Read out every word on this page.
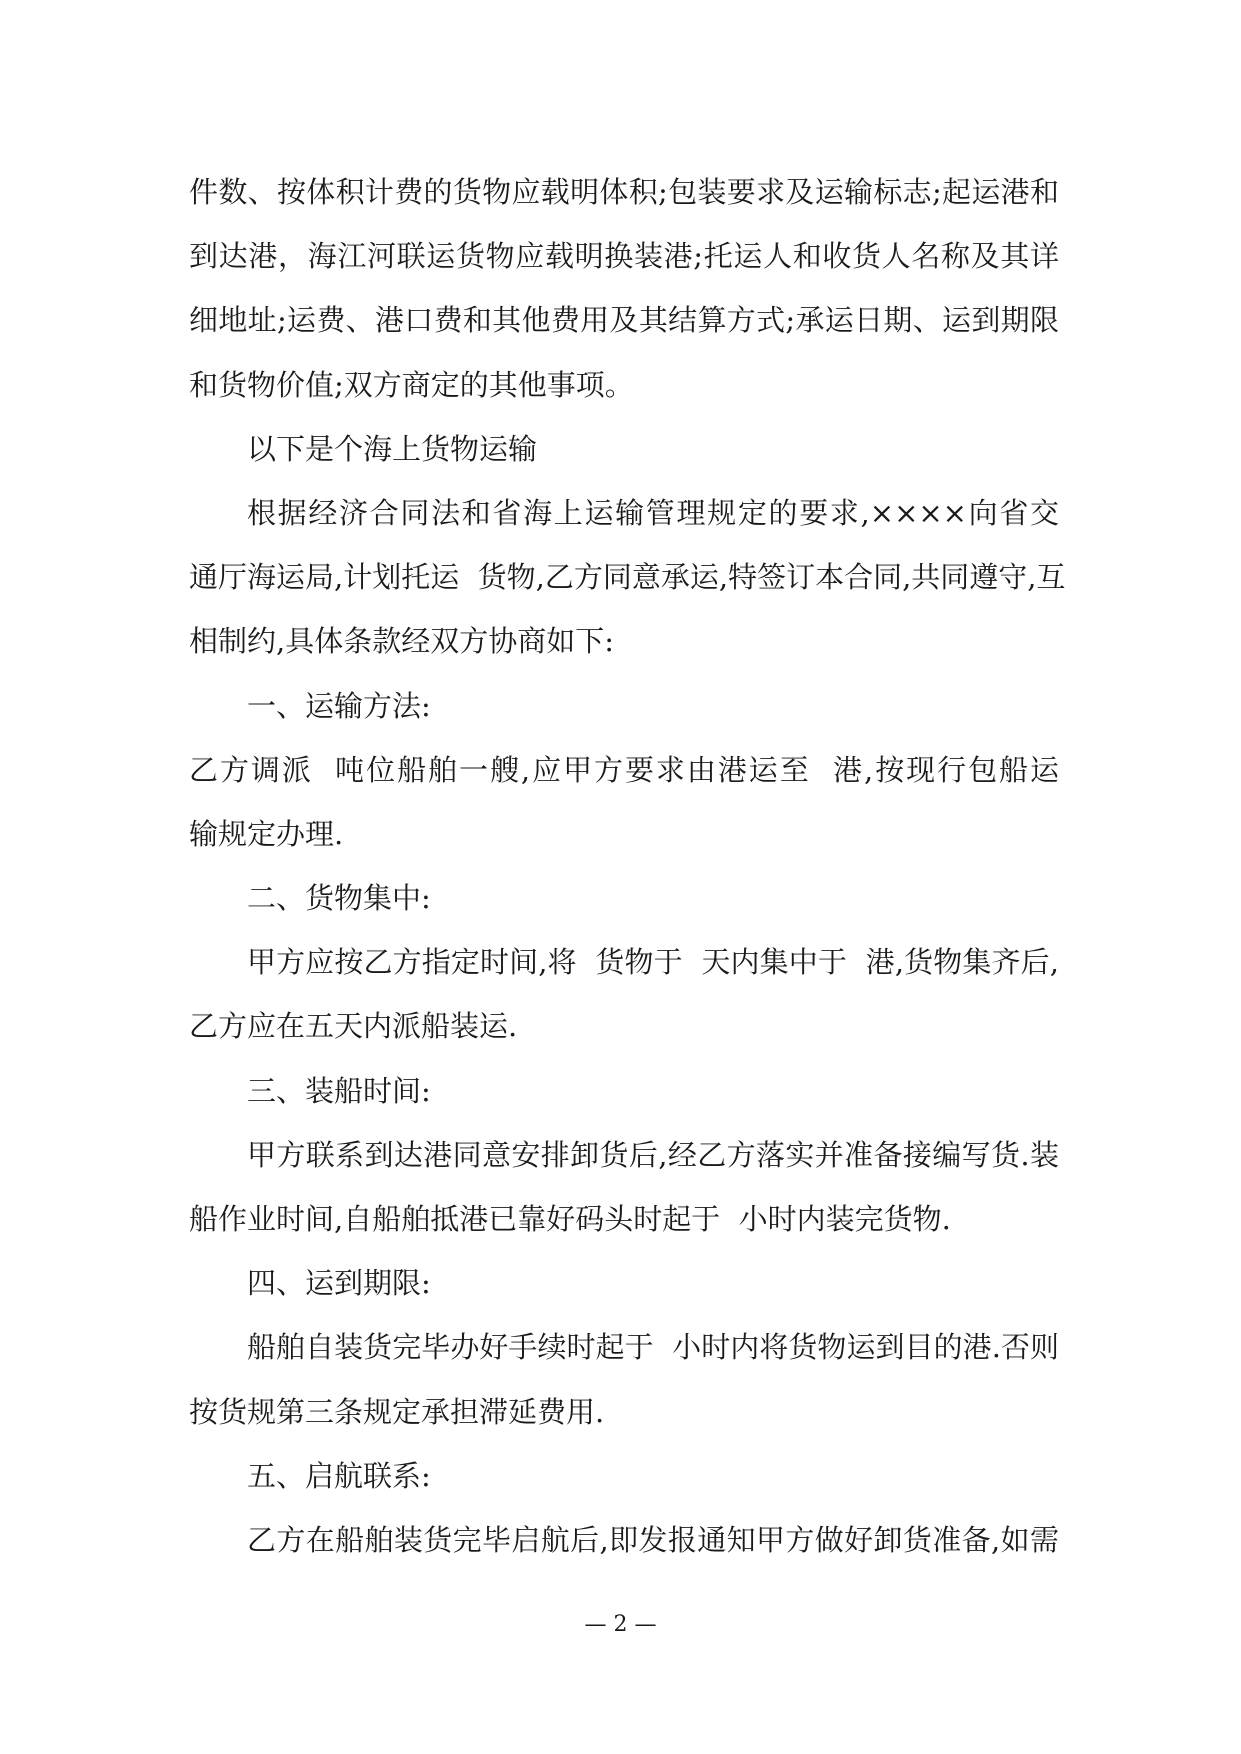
件数、按体积计费的货物应载明体积;包装要求及运输标志;起运港和
到达港，海江河联运货物应载明换装港;托运人和收货人名称及其详
细地址;运费、港口费和其他费用及其结算方式;承运日期、运到期限
和货物价值;双方商定的其他事项。
以下是个海上货物运输
根据经济合同法和省海上运输管理规定的要求,××××向省交
通厅海运局,计划托运  货物,乙方同意承运,特签订本合同,共同遵守,互
相制约,具体条款经双方协商如下:
一、运输方法:
乙方调派  吨位船舶一艘,应甲方要求由港运至  港,按现行包船运
输规定办理.
二、货物集中:
甲方应按乙方指定时间,将  货物于  天内集中于  港,货物集齐后,
乙方应在五天内派船装运.
三、装船时间:
甲方联系到达港同意安排卸货后,经乙方落实并准备接编写货.装
船作业时间,自船舶抵港已靠好码头时起于  小时内装完货物.
四、运到期限:
船舶自装货完毕办好手续时起于  小时内将货物运到目的港.否则
按货规第三条规定承担滞延费用.
五、启航联系:
乙方在船舶装货完毕启航后,即发报通知甲方做好卸货准备,如需
— 2 —
